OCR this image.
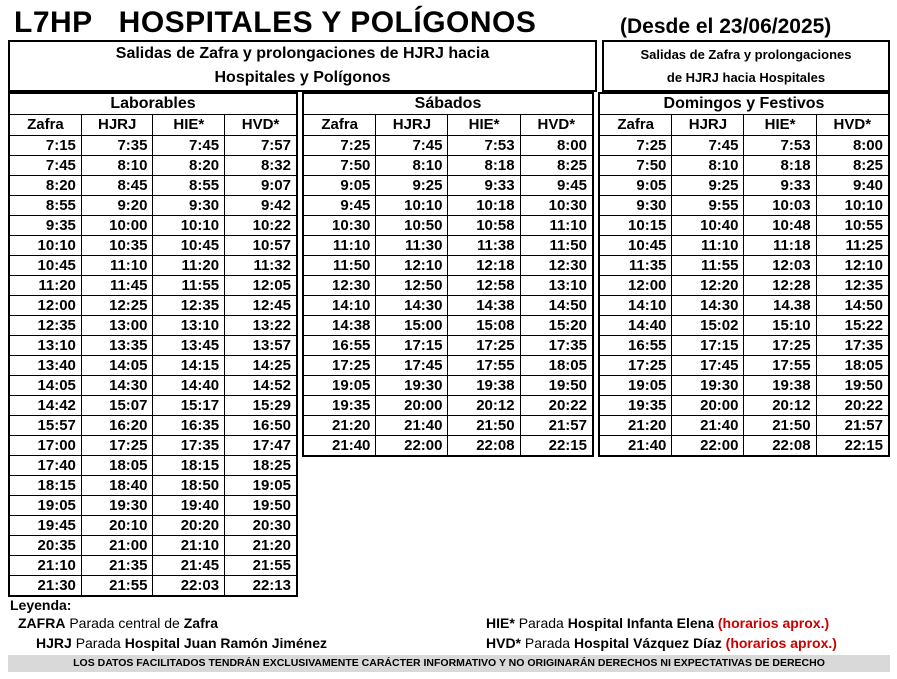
L7HP   HOSPITALES Y POLÍGONOS	(Desde el 23/06/2025)
Salidas de Zafra y prolongaciones de HJRJ hacia
Hospitales y Polígonos
Salidas de Zafra y prolongaciones
de HJRJ hacia Hospitales
Laborables			
Zafra	HJRJ	HIE*	HVD*
7:15	7:35	7:45	7:57
7:45	8:10	8:20	8:32
8:20	8:45	8:55	9:07
8:55	9:20	9:30	9:42
9:35	10:00	10:10	10:22
10:10	10:35	10:45	10:57
10:45	11:10	11:20	11:32
11:20	11:45	11:55	12:05
12:00	12:25	12:35	12:45
12:35	13:00	13:10	13:22
13:10	13:35	13:45	13:57
13:40	14:05	14:15	14:25
14:05	14:30	14:40	14:52
14:42	15:07	15:17	15:29
15:57	16:20	16:35	16:50
17:00	17:25	17:35	17:47
17:40	18:05	18:15	18:25
18:15	18:40	18:50	19:05
19:05	19:30	19:40	19:50
19:45	20:10	20:20	20:30
20:35	21:00	21:10	21:20
21:10	21:35	21:45	21:55
21:30	21:55	22:03	22:13
Sábados			
Zafra	HJRJ	HIE*	HVD*
7:25	7:45	7:53	8:00
7:50	8:10	8:18	8:25
9:05	9:25	9:33	9:45
9:45	10:10	10:18	10:30
10:30	10:50	10:58	11:10
11:10	11:30	11:38	11:50
11:50	12:10	12:18	12:30
12:30	12:50	12:58	13:10
14:10	14:30	14:38	14:50
14:38	15:00	15:08	15:20
16:55	17:15	17:25	17:35
17:25	17:45	17:55	18:05
19:05	19:30	19:38	19:50
19:35	20:00	20:12	20:22
21:20	21:40	21:50	21:57
21:40	22:00	22:08	22:15
Domingos y Festivos			
Zafra	HJRJ	HIE*	HVD*
7:25	7:45	7:53	8:00
7:50	8:10	8:18	8:25
9:05	9:25	9:33	9:40
9:30	9:55	10:03	10:10
10:15	10:40	10:48	10:55
10:45	11:10	11:18	11:25
11:35	11:55	12:03	12:10
12:00	12:20	12:28	12:35
14:10	14:30	14.38	14:50
14:40	15:02	15:10	15:22
16:55	17:15	17:25	17:35
17:25	17:45	17:55	18:05
19:05	19:30	19:38	19:50
19:35	20:00	20:12	20:22
21:20	21:40	21:50	21:57
21:40	22:00	22:08	22:15
Leyenda:
ZAFRA Parada central de Zafra
HJRJ Parada Hospital Juan Ramón Jiménez
HIE* Parada Hospital Infanta Elena (horarios aprox.)
HVD* Parada Hospital Vázquez Díaz (horarios aprox.)
LOS DATOS FACILITADOS TENDRÁN EXCLUSIVAMENTE CARÁCTER INFORMATIVO Y NO ORIGINARÁN DERECHOS NI EXPECTATIVAS DE DERECHO
